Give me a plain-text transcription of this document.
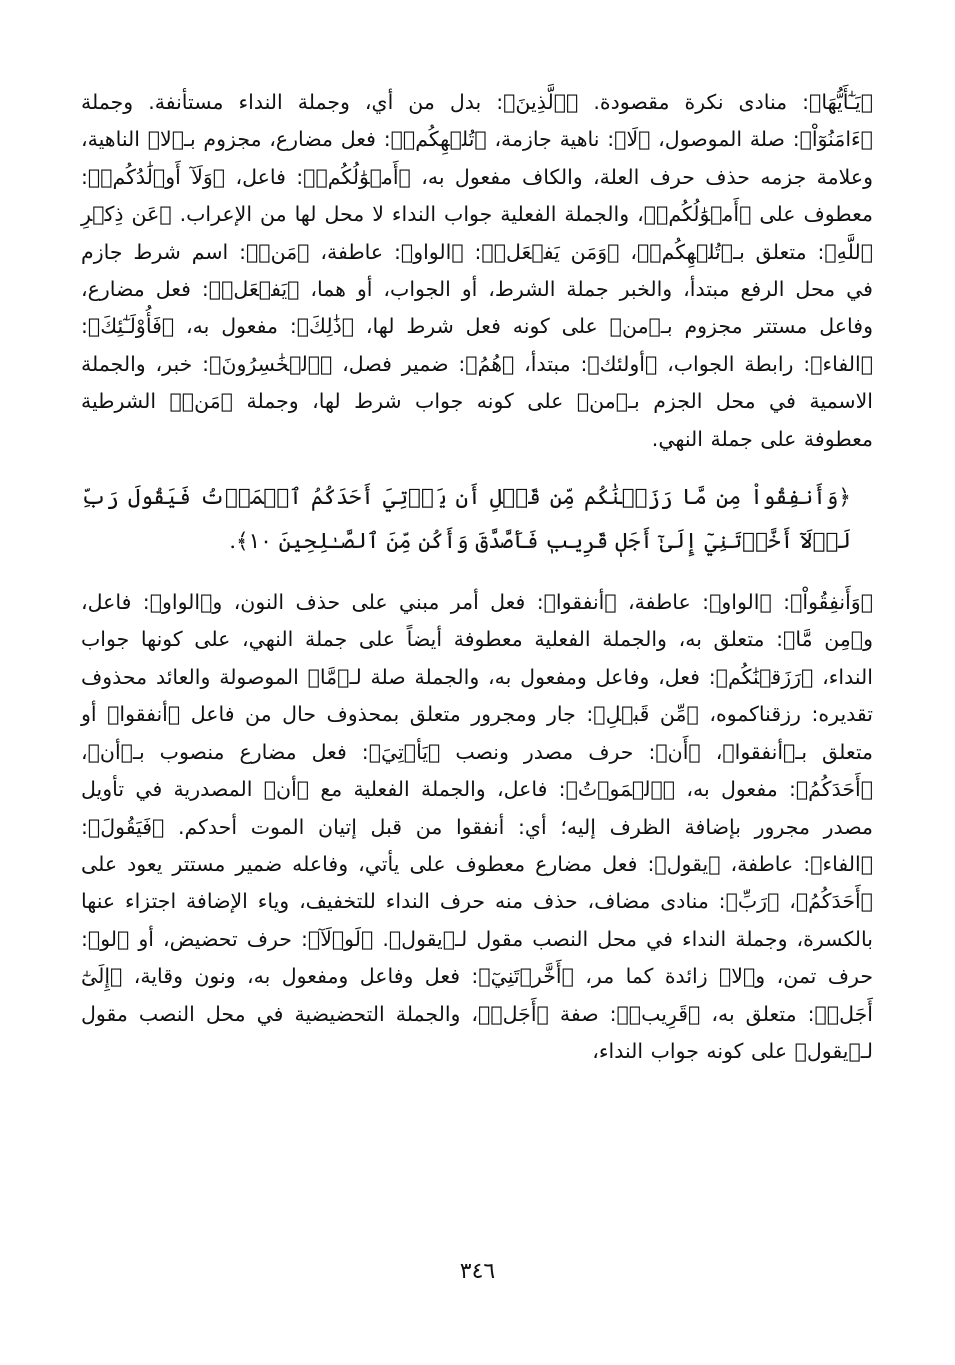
﴿يَـٰٓأَيُّهَا﴾: منادى نكرة مقصودة. ﴿ٱلَّذِينَ﴾: بدل من أي، وجملة النداء مستأنفة. وجملة ﴿ءَامَنُوٓاْ﴾: صلة الموصول، ﴿لَا﴾: ناهية جازمة، ﴿تُلۡهِكُمۡ﴾: فعل مضارع، مجزوم بـ﴿لا﴾ الناهية، وعلامة جزمه حذف حرف العلة، والكاف مفعول به، ﴿أَمۡوَٰلُكُمۡ﴾: فاعل، ﴿وَلَآ أَوۡلَٰدُكُمۡ﴾: معطوف على ﴿أَمۡوَٰلُكُمۡ﴾، والجملة الفعلية جواب النداء لا محل لها من الإعراب. ﴿عَن ذِكۡرِ ٱللَّهِ﴾: متعلق بـ﴿تُلۡهِكُمۡ﴾، ﴿وَمَن يَفۡعَلۡ﴾: ﴿الواو﴾: عاطفة، ﴿مَنۡ﴾: اسم شرط جازم في محل الرفع مبتدأ، والخبر جملة الشرط، أو الجواب، أو هما، ﴿يَفۡعَلۡ﴾: فعل مضارع، وفاعل مستتر مجزوم بـ﴿من﴾ على كونه فعل شرط لها، ﴿ذَٰلِكَ﴾: مفعول به، ﴿فَأُوْلَـٰٓئِكَ﴾: ﴿الفاء﴾: رابطة الجواب، ﴿أولئك﴾: مبتدأ، ﴿هُمُ﴾: ضمير فصل، ﴿ٱلۡخَٰسِرُونَ﴾: خبر، والجملة الاسمية في محل الجزم بـ﴿من﴾ على كونه جواب شرط لها، وجملة ﴿مَنۡ﴾ الشرطية معطوفة على جملة النهي.

﴿وَأَنفِقُواْ مِن مَّا رَزَقۡنَٰكُم مِّن قَبۡلِ أَن يَأۡتِيَ أَحَدَكُمُ ٱلۡمَوۡتُ فَيَقُولَ رَبِّ لَوۡلَآ أَخَّرۡتَنِيٓ إِلَىٰٓ أَجَلٖ قَرِيبٖ فَأَصَّدَّقَ وَأَكُن مِّنَ ٱلصَّـٰلِحِينَ ١٠﴾.

﴿وَأَنفِقُواْ﴾: ﴿الواو﴾: عاطفة، ﴿أنفقوا﴾: فعل أمر مبني على حذف النون، و﴿الواو﴾: فاعل، و﴿مِن مَّا﴾: متعلق به، والجملة الفعلية معطوفة أيضاً على جملة النهي، على كونها جواب النداء، ﴿رَزَقۡنَٰكُم﴾: فعل، وفاعل ومفعول به، والجملة صلة لـ﴿مَّا﴾ الموصولة والعائد محذوف تقديره: رزقناكموه، ﴿مِّن قَبۡلِ﴾: جار ومجرور متعلق بمحذوف حال من فاعل ﴿أنفقوا﴾ أو متعلق بـ﴿أنفقوا﴾، ﴿أَن﴾: حرف مصدر ونصب ﴿يَأۡتِيَ﴾: فعل مضارع منصوب بـ﴿أن﴾، ﴿أَحَدَكُمُ﴾: مفعول به، ﴿ٱلۡمَوۡتُ﴾: فاعل، والجملة الفعلية مع ﴿أن﴾ المصدرية في تأويل مصدر مجرور بإضافة الظرف إليه؛ أي: أنفقوا من قبل إتيان الموت أحدكم. ﴿فَيَقُولَ﴾: ﴿الفاء﴾: عاطفة، ﴿يقول﴾: فعل مضارع معطوف على يأتي، وفاعله ضمير مستتر يعود على ﴿أَحَدَكُمُ﴾، ﴿رَبِّ﴾: منادى مضاف، حذف منه حرف النداء للتخفيف، وياء الإضافة اجتزاء عنها بالكسرة، وجملة النداء في محل النصب مقول لـ﴿يقول﴾. ﴿لَوۡلَآ﴾: حرف تحضيض، أو ﴿لو﴾: حرف تمن، و﴿لا﴾ زائدة كما مر، ﴿أَخَّرۡتَنِيٓ﴾: فعل وفاعل ومفعول به، ونون وقاية، ﴿إِلَىٰٓ أَجَلٖ﴾: متعلق به، ﴿قَرِيبٖ﴾: صفة ﴿أَجَلٖ﴾، والجملة التحضيضية في محل النصب مقول لـ﴿يقول﴾ على كونه جواب النداء،

٣٤٦
